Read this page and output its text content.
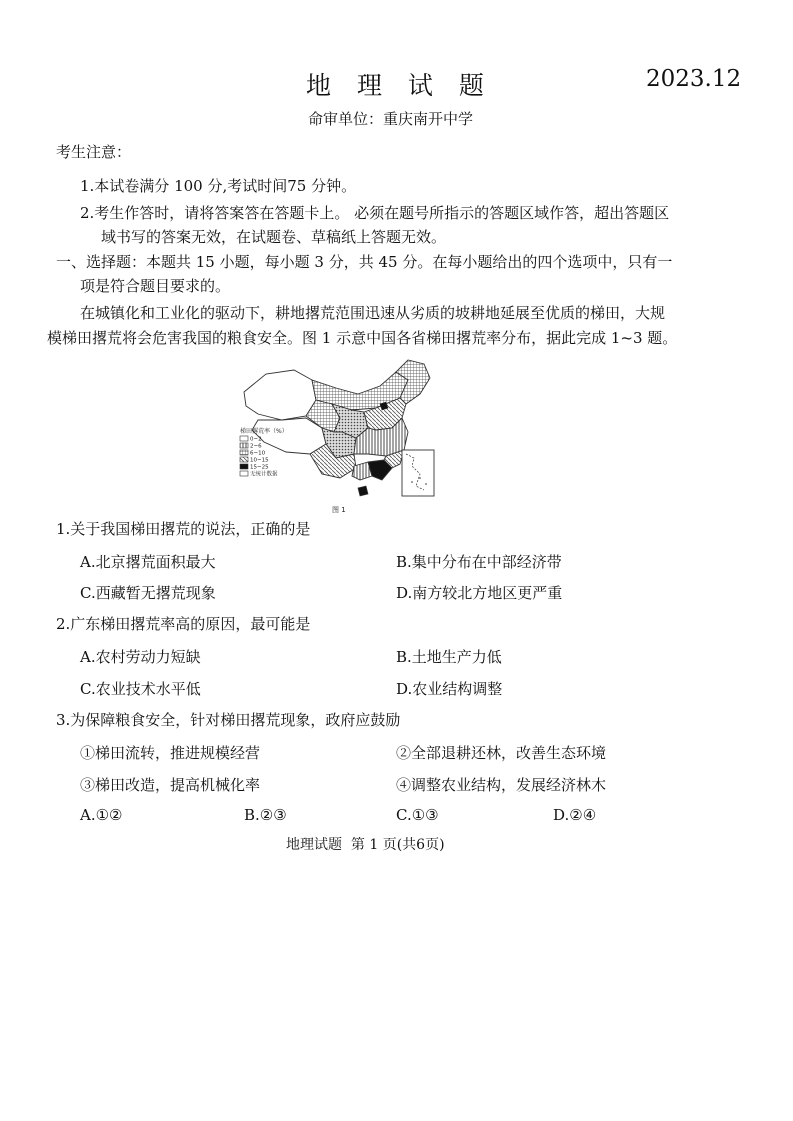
地 理 试 题	2023.12
命审单位：重庆南开中学
考生注意：
1.本试卷满分 100 分,考试时间75 分钟。
2.考生作答时，请将答案答在答题卡上。 必须在题号所指示的答题区域作答，超出答题区
域书写的答案无效，在试题卷、草稿纸上答题无效。
一、选择题：本题共 15 小题，每小题 3 分，共 45 分。在每小题给出的四个选项中，只有一
项是符合题目要求的。
在城镇化和工业化的驱动下，耕地撂荒范围迅速从劣质的坡耕地延展至优质的梯田，大规
模梯田撂荒将会危害我国的粮食安全。图 1 示意中国各省梯田撂荒率分布，据此完成 1~3 题。
梯田撂荒率（%）
0~2
2~6
6~10
10~15
15~25
无统计数据
图 1
1.关于我国梯田撂荒的说法，正确的是
A.北京撂荒面积最大	B.集中分布在中部经济带
C.西藏暂无撂荒现象	D.南方较北方地区更严重
2.广东梯田撂荒率高的原因，最可能是
A.农村劳动力短缺	B.土地生产力低
C.农业技术水平低	D.农业结构调整
3.为保障粮食安全，针对梯田撂荒现象，政府应鼓励
①梯田流转，推进规模经营	②全部退耕还林，改善生态环境
③梯田改造，提高机械化率	④调整农业结构，发展经济林木
A.①②	B.②③	C.①③	D.②④
地理试题  第 1 页(共6页)
